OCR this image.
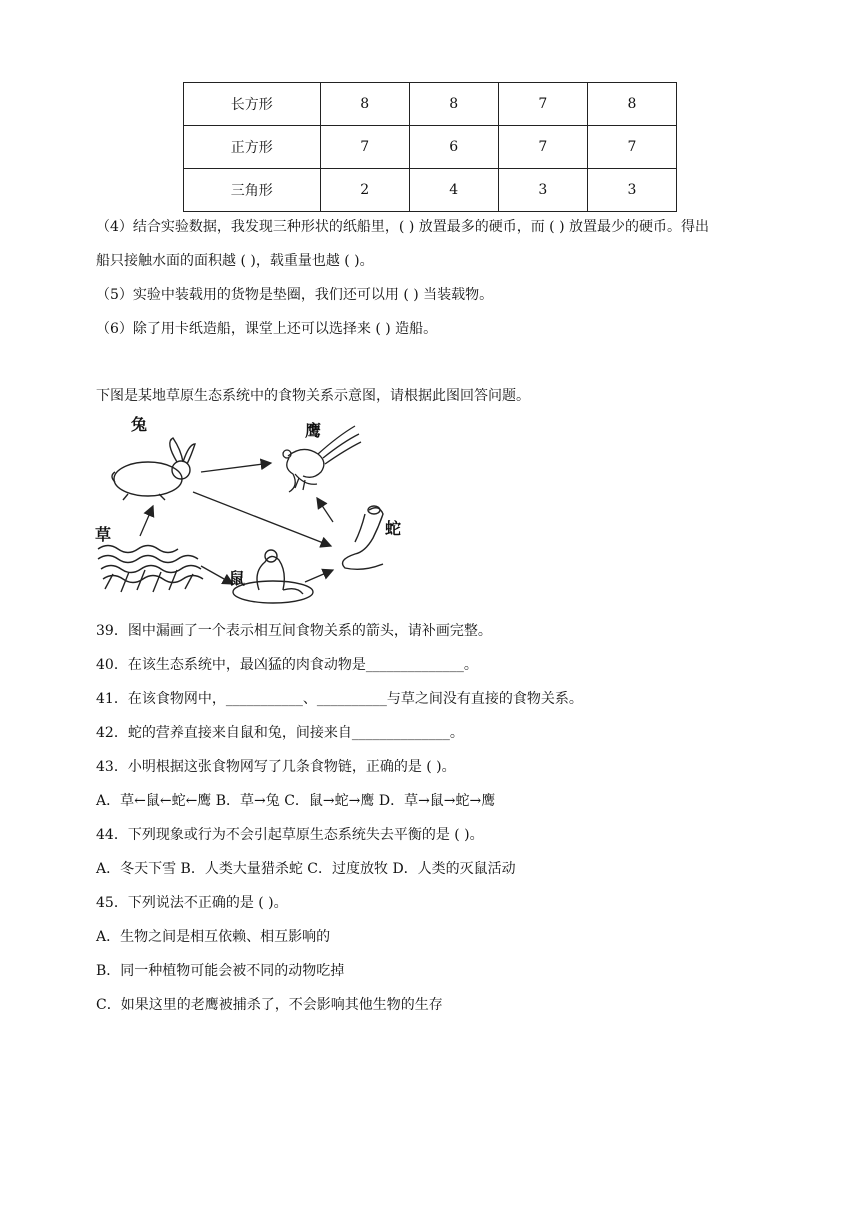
长方形	8	8	7	8
正方形	7	6	7	7
三角形	2	4	3	3
（4）结合实验数据，我发现三种形状的纸船里，( ) 放置最多的硬币，而 ( ) 放置最少的硬币。得出
船只接触水面的面积越 ( )，载重量也越 ( )。
（5）实验中装载用的货物是垫圈，我们还可以用 ( ) 当装载物。
（6）除了用卡纸造船，课堂上还可以选择来 ( ) 造船。
下图是某地草原生态系统中的食物关系示意图，请根据此图回答问题。
兔	鹰
草	蛇
鼠
39．图中漏画了一个表示相互间食物关系的箭头，请补画完整。
40．在该生态系统中，最凶猛的肉食动物是______________。
41．在该食物网中，___________、__________与草之间没有直接的食物关系。
42．蛇的营养直接来自鼠和兔，间接来自______________。
43．小明根据这张食物网写了几条食物链，正确的是 ( )。
A．草←鼠←蛇←鹰 B．草→兔 C．鼠→蛇→鹰 D．草→鼠→蛇→鹰
44．下列现象或行为不会引起草原生态系统失去平衡的是 ( )。
A．冬天下雪 B．人类大量猎杀蛇 C．过度放牧 D．人类的灭鼠活动
45．下列说法不正确的是 ( )。
A．生物之间是相互依赖、相互影响的
B．同一种植物可能会被不同的动物吃掉
C．如果这里的老鹰被捕杀了，不会影响其他生物的生存
